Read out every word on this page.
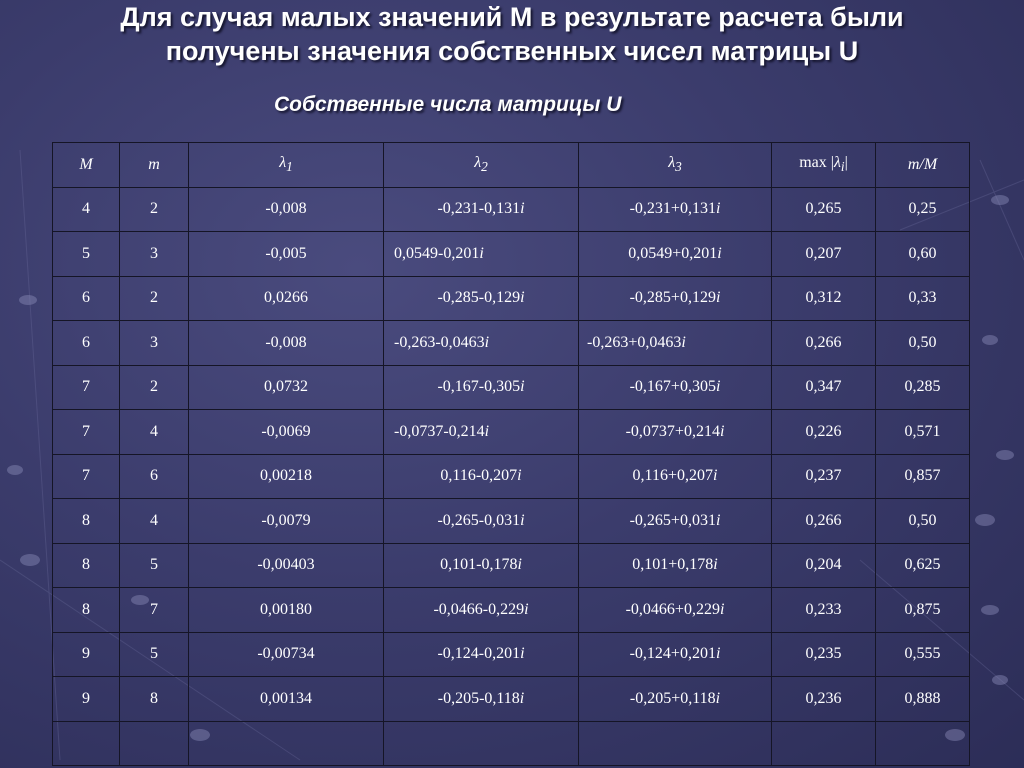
Для случая малых значений М в результате расчета были
получены значения собственных чисел матрицы U
Собственные числа матрицы U
M	m	$\lambda_1$	$\lambda_2$	$\lambda_3$	$\max |\lambda_i|$	m/M
4	2	-0,008	-0,231-0,131i	-0,231+0,131i	0,265	0,25
5	3	-0,005	0,0549-0,201i	0,0549+0,201i	0,207	0,60
6	2	0,0266	-0,285-0,129i	-0,285+0,129i	0,312	0,33
6	3	-0,008	-0,263-0,0463i	-0,263+0,0463i	0,266	0,50
7	2	0,0732	-0,167-0,305i	-0,167+0,305i	0,347	0,285
7	4	-0,0069	-0,0737-0,214i	-0,0737+0,214i	0,226	0,571
7	6	0,00218	0,116-0,207i	0,116+0,207i	0,237	0,857
8	4	-0,0079	-0,265-0,031i	-0,265+0,031i	0,266	0,50
8	5	-0,00403	0,101-0,178i	0,101+0,178i	0,204	0,625
8	7	0,00180	-0,0466-0,229i	-0,0466+0,229i	0,233	0,875
9	5	-0,00734	-0,124-0,201i	-0,124+0,201i	0,235	0,555
9	8	0,00134	-0,205-0,118i	-0,205+0,118i	0,236	0,888
